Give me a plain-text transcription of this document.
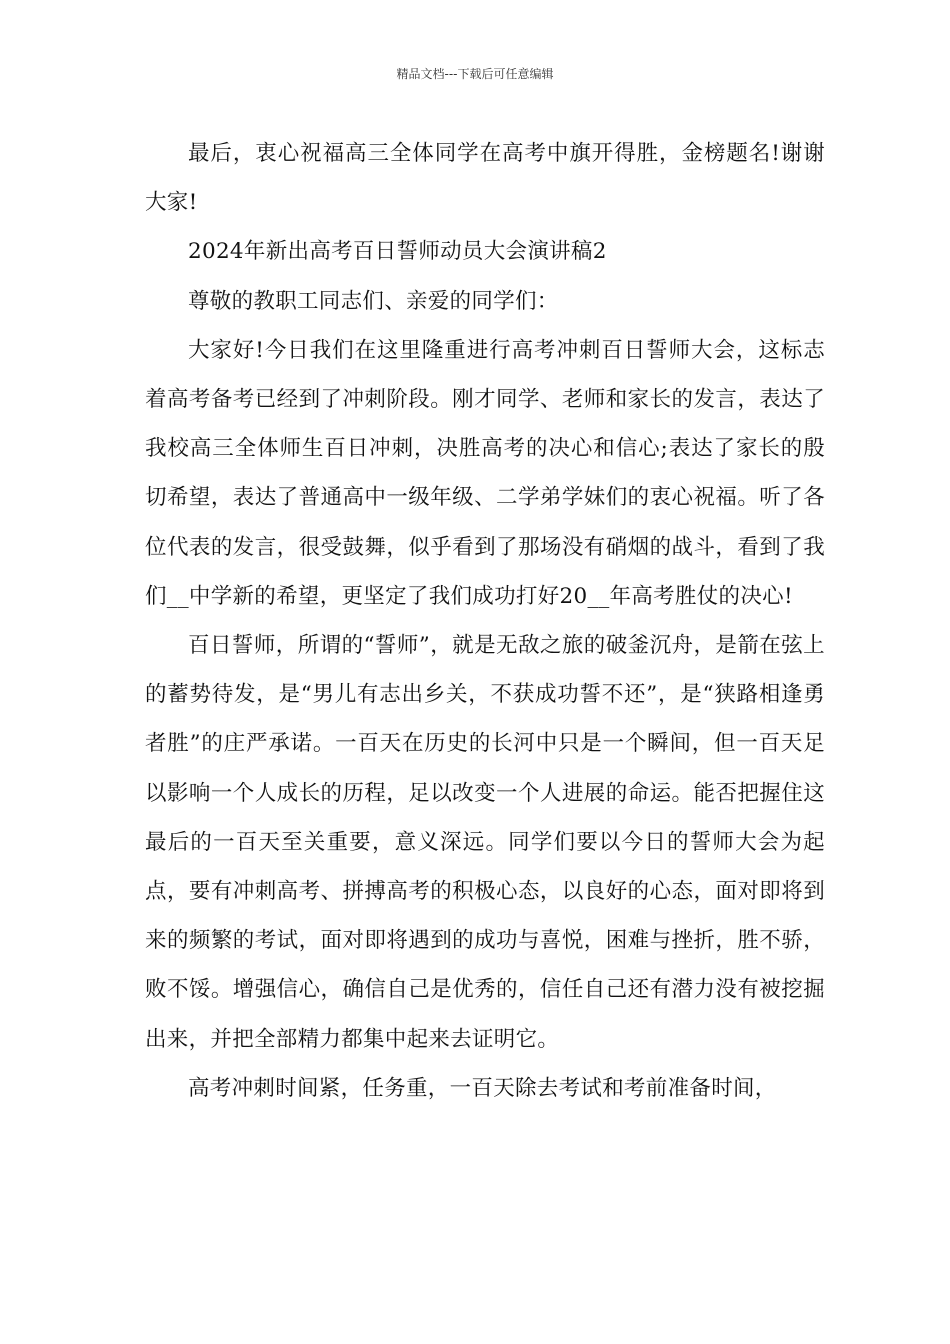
精品文档---下载后可任意编辑

最后，衷心祝福高三全体同学在高考中旗开得胜，金榜题名!谢谢大家!

2024年新出高考百日誓师动员大会演讲稿2

尊敬的教职工同志们、亲爱的同学们：

大家好!今日我们在这里隆重进行高考冲刺百日誓师大会，这标志着高考备考已经到了冲刺阶段。刚才同学、老师和家长的发言，表达了我校高三全体师生百日冲刺，决胜高考的决心和信心;表达了家长的殷切希望，表达了普通高中一级年级、二学弟学妹们的衷心祝福。听了各位代表的发言，很受鼓舞，似乎看到了那场没有硝烟的战斗，看到了我们__中学新的希望，更坚定了我们成功打好20__年高考胜仗的决心!

百日誓师，所谓的“誓师”，就是无敌之旅的破釜沉舟，是箭在弦上的蓄势待发，是“男儿有志出乡关，不获成功誓不还”，是“狭路相逢勇者胜”的庄严承诺。一百天在历史的长河中只是一个瞬间，但一百天足以影响一个人成长的历程，足以改变一个人进展的命运。能否把握住这最后的一百天至关重要，意义深远。同学们要以今日的誓师大会为起点，要有冲刺高考、拼搏高考的积极心态，以良好的心态，面对即将到来的频繁的考试，面对即将遇到的成功与喜悦，困难与挫折，胜不骄，败不馁。增强信心，确信自己是优秀的，信任自己还有潜力没有被挖掘出来，并把全部精力都集中起来去证明它。

高考冲刺时间紧，任务重，一百天除去考试和考前准备时间，
